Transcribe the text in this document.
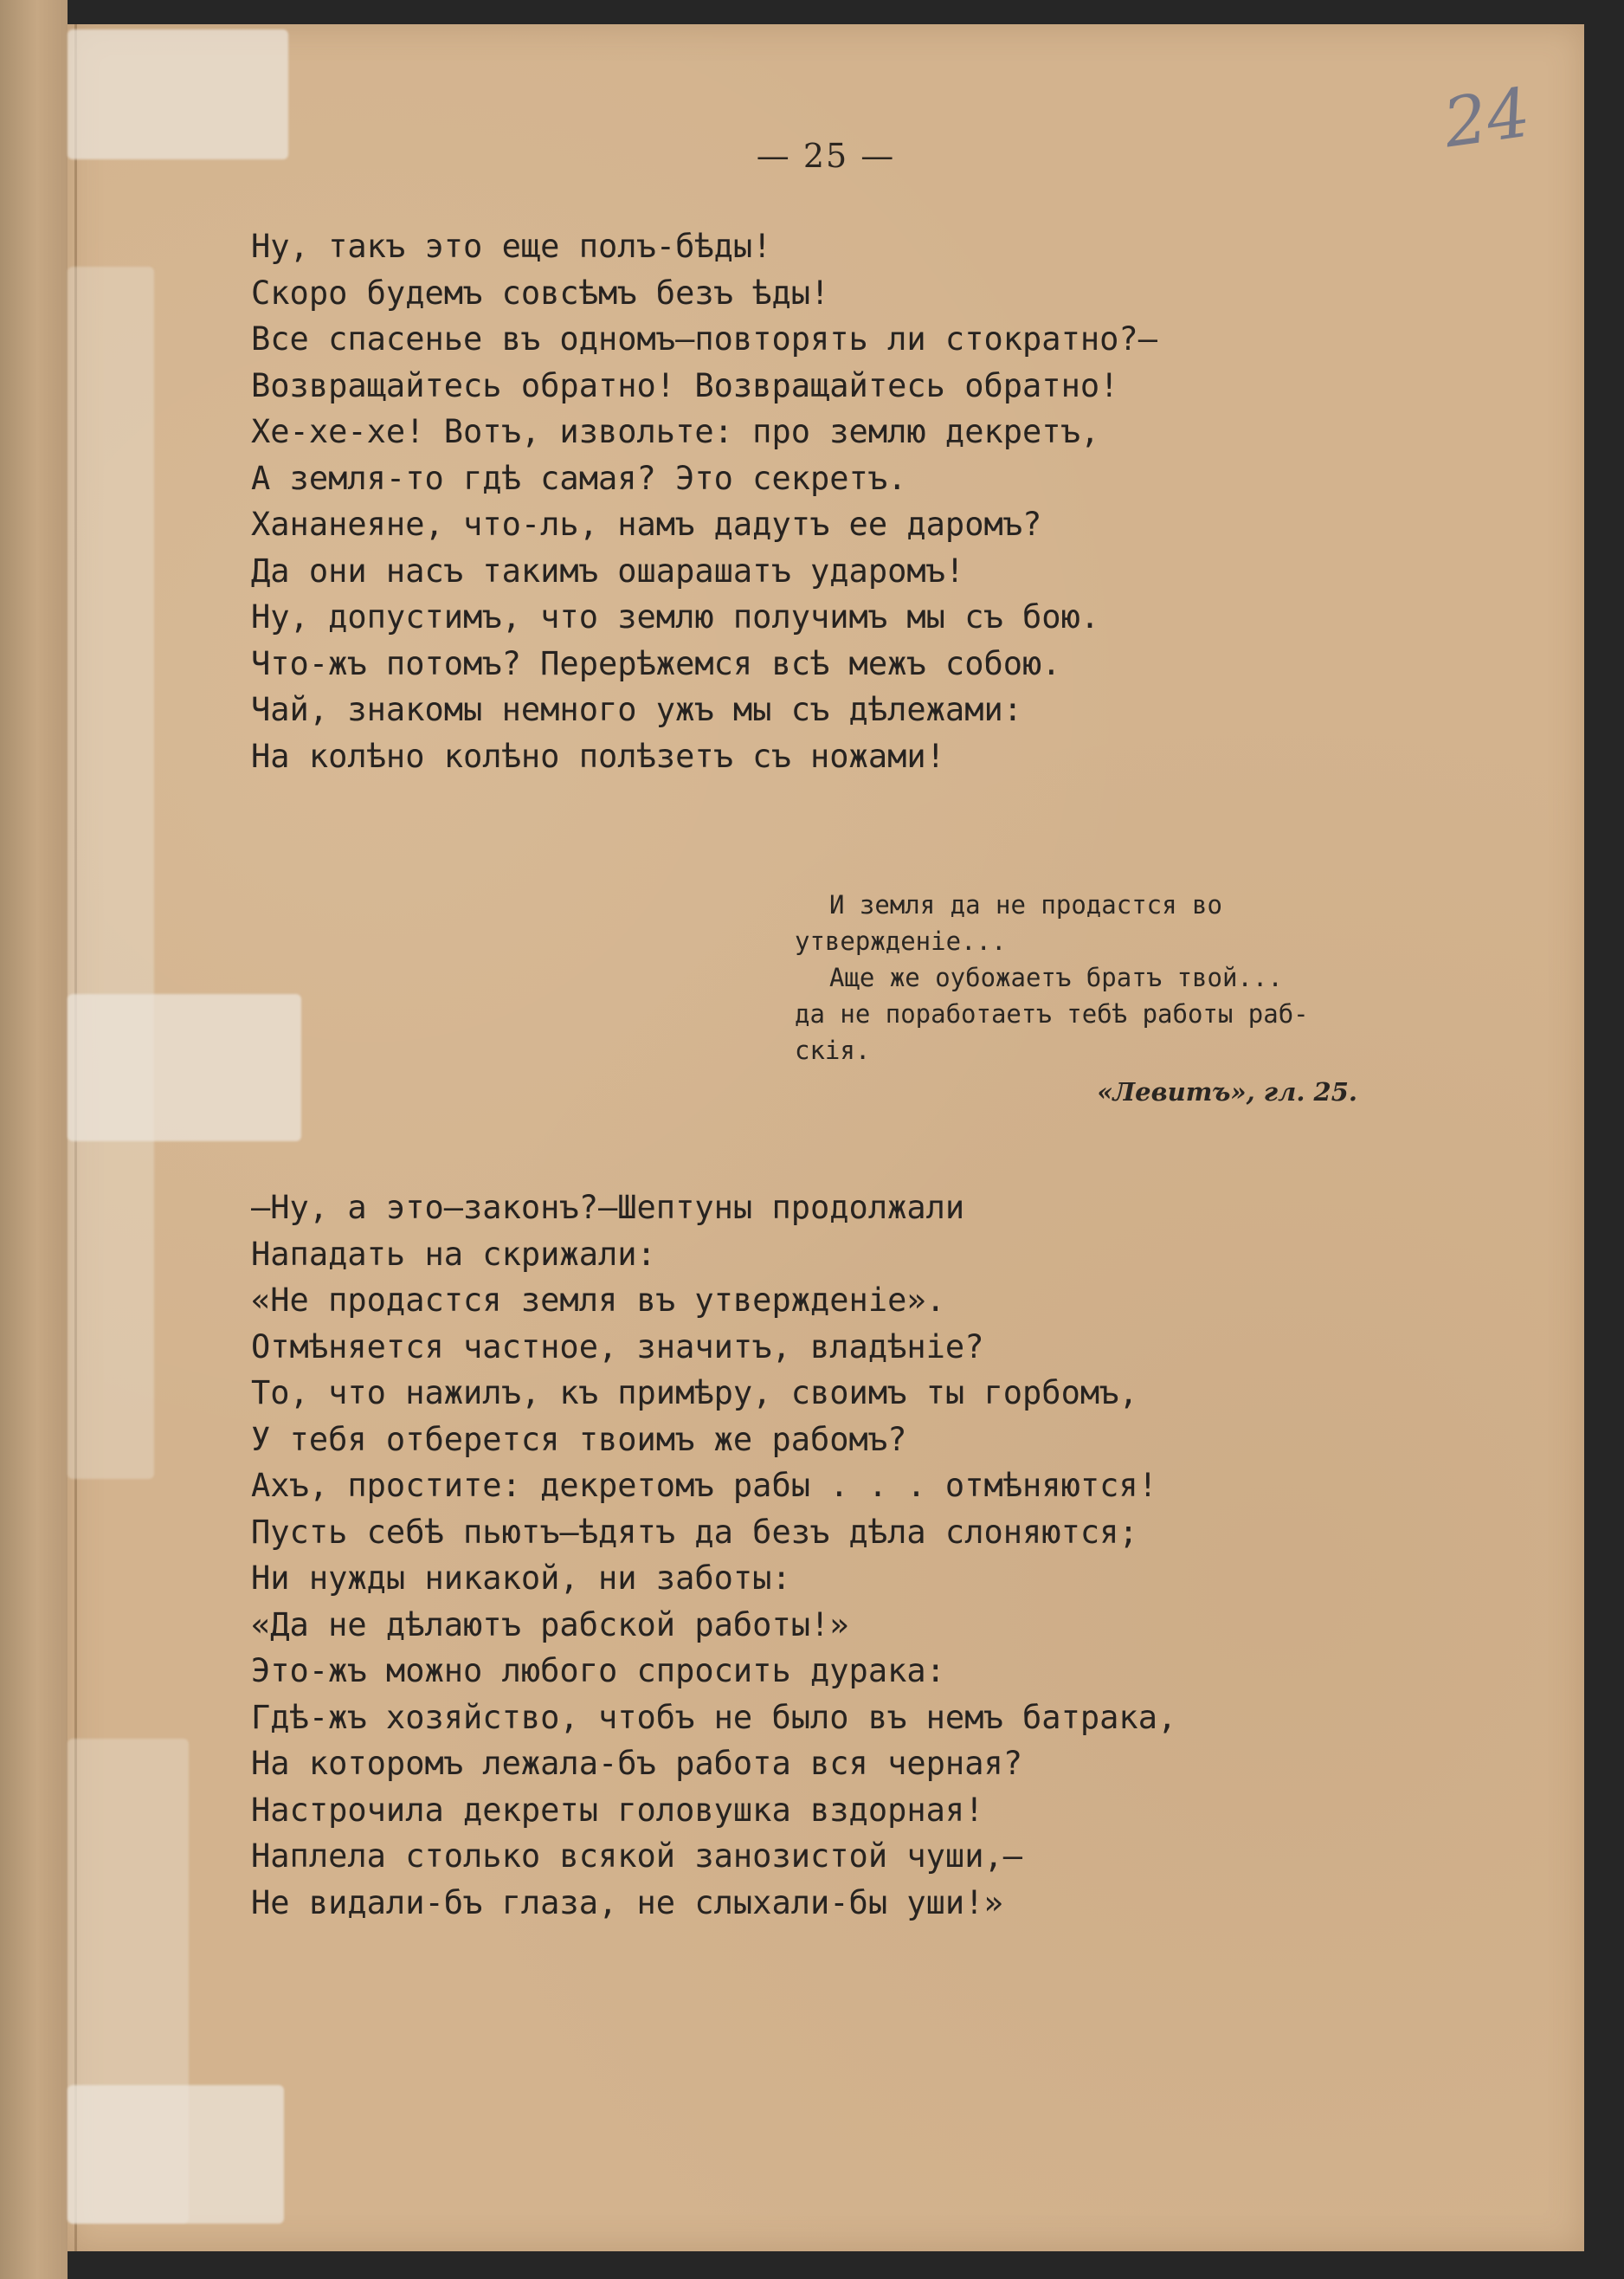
— 25 —	24
Ну, такъ это еще полъ-бѣды!
Скоро будемъ совсѣмъ безъ ѣды!
Все спасенье въ одномъ—повторять ли стократно?—
Возвращайтесь обратно! Возвращайтесь обратно!
Хе-хе-хе! Вотъ, извольте: про землю декретъ,
А земля-то гдѣ самая? Это секретъ.
Хананеяне, что-ль, намъ дадутъ ее даромъ?
Да они насъ такимъ ошарашатъ ударомъ!
Ну, допустимъ, что землю получимъ мы съ бою.
Что-жъ потомъ? Перерѣжемся всѣ межъ собою.
Чай, знакомы немного ужъ мы съ дѣлежами:
На колѣно колѣно полѣзетъ съ ножами!
И земля да не продастся во
утвержденіе...
Аще же оубожаетъ братъ твой...
да не поработаетъ тебѣ работы раб-
скія.
«Левитъ», гл. 25.
—Ну, а это—законъ?—Шептуны продолжали
Нападать на скрижали:
«Не продастся земля въ утвержденіе».
Отмѣняется частное, значитъ, владѣніе?
То, что нажилъ, къ примѣру, своимъ ты горбомъ,
У тебя отберется твоимъ же рабомъ?
Ахъ, простите: декретомъ рабы . . . отмѣняются!
Пусть себѣ пьютъ—ѣдятъ да безъ дѣла слоняются;
Ни нужды никакой, ни заботы:
«Да не дѣлаютъ рабской работы!»
Это-жъ можно любого спросить дурака:
Гдѣ-жъ хозяйство, чтобъ не было въ немъ батрака,
На которомъ лежала-бъ работа вся черная?
Настрочила декреты головушка вздорная!
Наплела столько всякой занозистой чуши,—
Не видали-бъ глаза, не слыхали-бы уши!»
